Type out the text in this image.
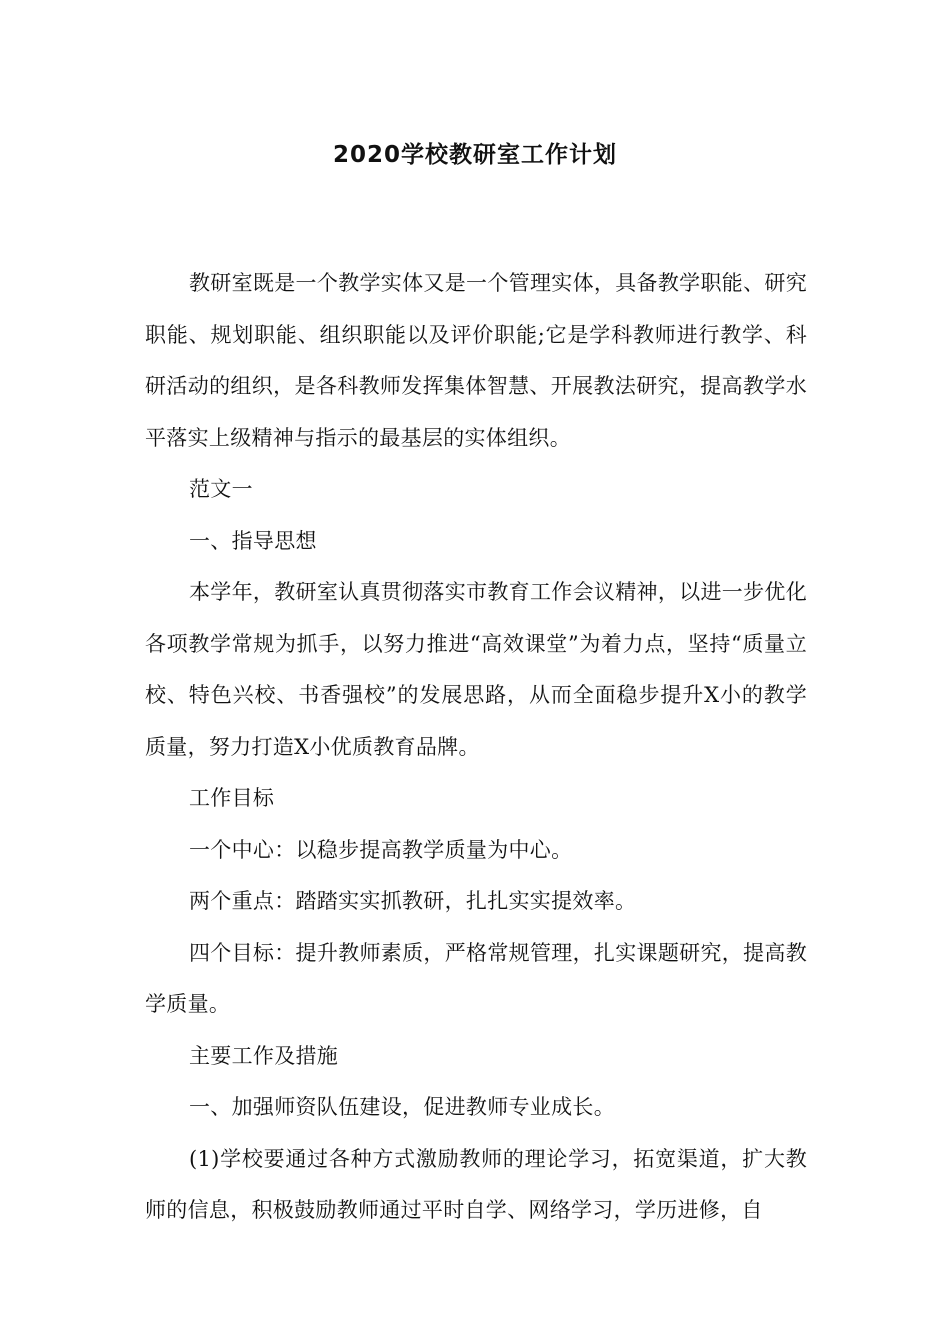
2020学校教研室工作计划

教研室既是一个教学实体又是一个管理实体，具备教学职能、研究职能、规划职能、组织职能以及评价职能;它是学科教师进行教学、科研活动的组织，是各科教师发挥集体智慧、开展教法研究，提高教学水平落实上级精神与指示的最基层的实体组织。

范文一

一、指导思想

本学年，教研室认真贯彻落实市教育工作会议精神，以进一步优化各项教学常规为抓手，以努力推进“高效课堂”为着力点，坚持“质量立校、特色兴校、书香强校”的发展思路，从而全面稳步提升X小的教学质量，努力打造X小优质教育品牌。

工作目标

一个中心：以稳步提高教学质量为中心。

两个重点：踏踏实实抓教研，扎扎实实提效率。

四个目标：提升教师素质，严格常规管理，扎实课题研究，提高教学质量。

主要工作及措施

一、加强师资队伍建设，促进教师专业成长。

(1)学校要通过各种方式激励教师的理论学习，拓宽渠道，扩大教师的信息，积极鼓励教师通过平时自学、网络学习，学历进修，自
